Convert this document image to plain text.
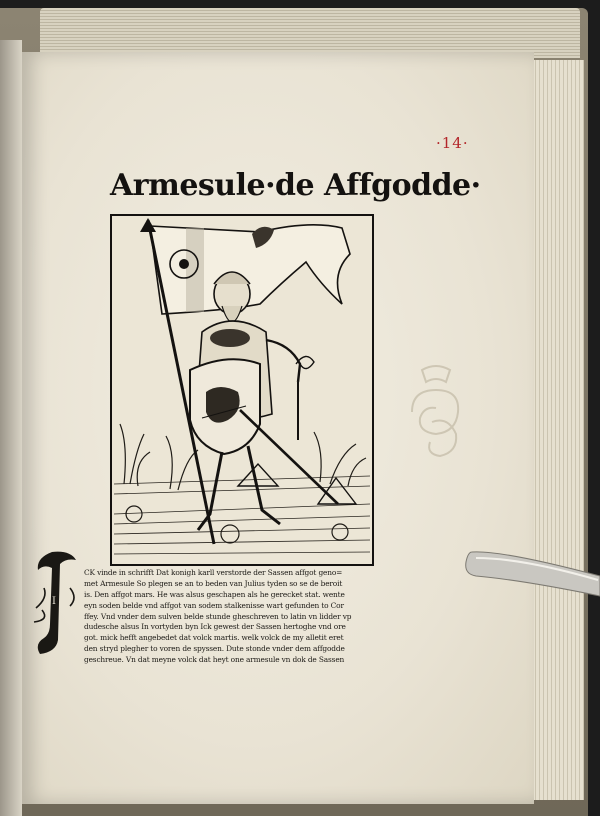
·14·
Armesule·de Affgodde·
I
CK vinde in schrifft Dat konigh karll verstorde der Sassen affgot geno=
met Armesule So plegen se an to beden van Julius tyden so se de beroit
is. Den affgot mars. He was alsus geschapen als he gerecket stat. wente
eyn soden belde vnd affgot van sodem stalkenisse wart gefunden to Cor
ffey. Vnd vnder dem sulven belde stunde gheschreven to latin vn lidder vp
dudesche alsus In vortyden byn Ick gewest der Sassen hertoghe vnd ore
got. mick hefft angebedet dat volck martis. welk volck de my alletit eret
den stryd plegher to voren de spyssen. Dute stonde vnder dem affgodde
geschreue. Vn dat meyne volck dat heyt one armesule vn dok de Sassen
